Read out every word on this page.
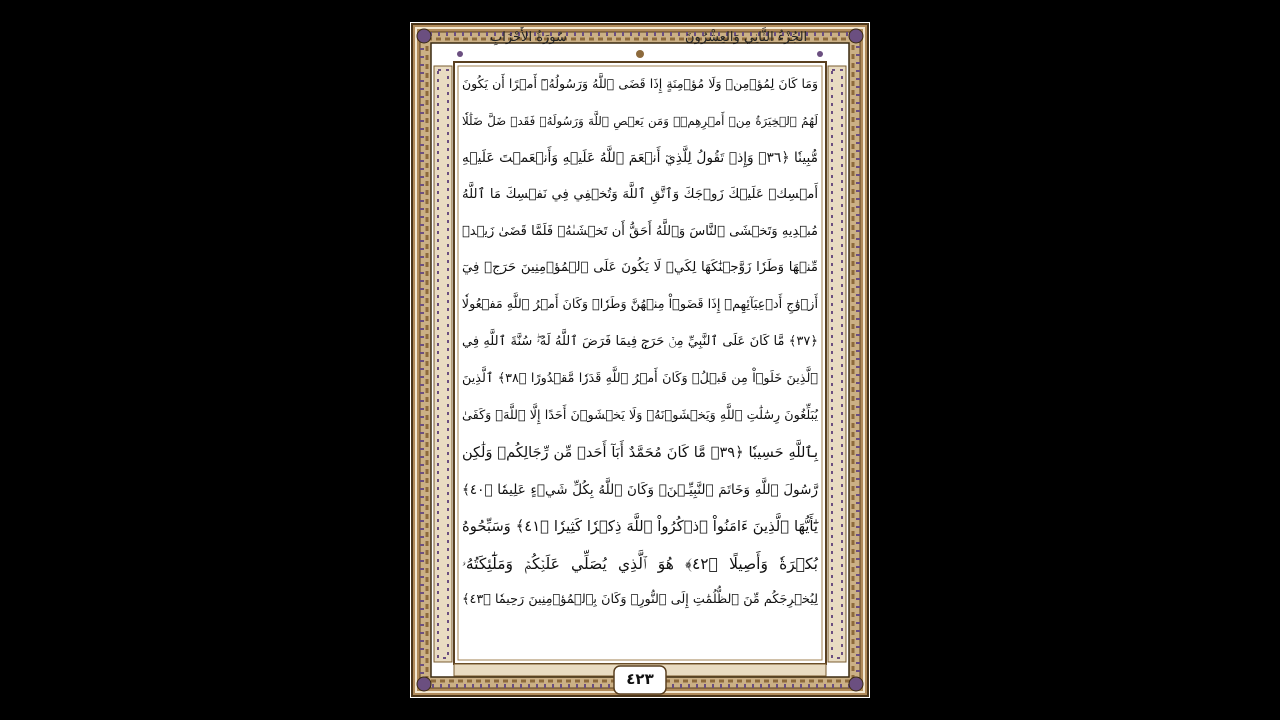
سُورَةُ الأَحْزَابِ	الجُزْءُ الثَّانِي وَالعِشْرُونَ
وَمَا كَانَ لِمُؤۡمِنٖ وَلَا مُؤۡمِنَةٍ إِذَا قَضَى ٱللَّهُ وَرَسُولُهُۥٓ أَمۡرًا أَن يَكُونَ
لَهُمُ ٱلۡخِيَرَةُ مِنۡ أَمۡرِهِمۡۗ وَمَن يَعۡصِ ٱللَّهَ وَرَسُولَهُۥ فَقَدۡ ضَلَّ ضَلَٰلٗا
مُّبِينٗا ﴿٣٦﴾ وَإِذۡ تَقُولُ لِلَّذِيٓ أَنۡعَمَ ٱللَّهُ عَلَيۡهِ وَأَنۡعَمۡتَ عَلَيۡهِ
أَمۡسِكۡ عَلَيۡكَ زَوۡجَكَ وَٱتَّقِ ٱللَّهَ وَتُخۡفِي فِي نَفۡسِكَ مَا ٱللَّهُ
مُبۡدِيهِ وَتَخۡشَى ٱلنَّاسَ وَٱللَّهُ أَحَقُّ أَن تَخۡشَىٰهُۖ فَلَمَّا قَضَىٰ زَيۡدٞ
مِّنۡهَا وَطَرٗا زَوَّجۡنَٰكَهَا لِكَيۡ لَا يَكُونَ عَلَى ٱلۡمُؤۡمِنِينَ حَرَجٞ فِيٓ
أَزۡوَٰجِ أَدۡعِيَآئِهِمۡ إِذَا قَضَوۡاْ مِنۡهُنَّ وَطَرٗاۚ وَكَانَ أَمۡرُ ٱللَّهِ مَفۡعُولٗا
﴿٣٧﴾ مَّا كَانَ عَلَى ٱلنَّبِيِّ مِنۡ حَرَجٖ فِيمَا فَرَضَ ٱللَّهُ لَهُۥۖ سُنَّةَ ٱللَّهِ فِي
ٱلَّذِينَ خَلَوۡاْ مِن قَبۡلُۚ وَكَانَ أَمۡرُ ٱللَّهِ قَدَرٗا مَّقۡدُورًا ﴿٣٨﴾ ٱلَّذِينَ
يُبَلِّغُونَ رِسَٰلَٰتِ ٱللَّهِ وَيَخۡشَوۡنَهُۥ وَلَا يَخۡشَوۡنَ أَحَدًا إِلَّا ٱللَّهَۗ وَكَفَىٰ
بِٱللَّهِ حَسِيبٗا ﴿٣٩﴾ مَّا كَانَ مُحَمَّدٌ أَبَآ أَحَدٖ مِّن رِّجَالِكُمۡ وَلَٰكِن
رَّسُولَ ٱللَّهِ وَخَاتَمَ ٱلنَّبِيِّـۧنَۗ وَكَانَ ٱللَّهُ بِكُلِّ شَيۡءٍ عَلِيمٗا ﴿٤٠﴾
يَٰٓأَيُّهَا ٱلَّذِينَ ءَامَنُواْ ٱذۡكُرُواْ ٱللَّهَ ذِكۡرٗا كَثِيرٗا ﴿٤١﴾ وَسَبِّحُوهُ
بُكۡرَةٗ وَأَصِيلًا ﴿٤٢﴾ هُوَ ٱلَّذِي يُصَلِّي عَلَيۡكُمۡ وَمَلَٰٓئِكَتُهُۥ
لِيُخۡرِجَكُم مِّنَ ٱلظُّلُمَٰتِ إِلَى ٱلنُّورِۚ وَكَانَ بِٱلۡمُؤۡمِنِينَ رَحِيمٗا ﴿٤٣﴾
٤٢٣
